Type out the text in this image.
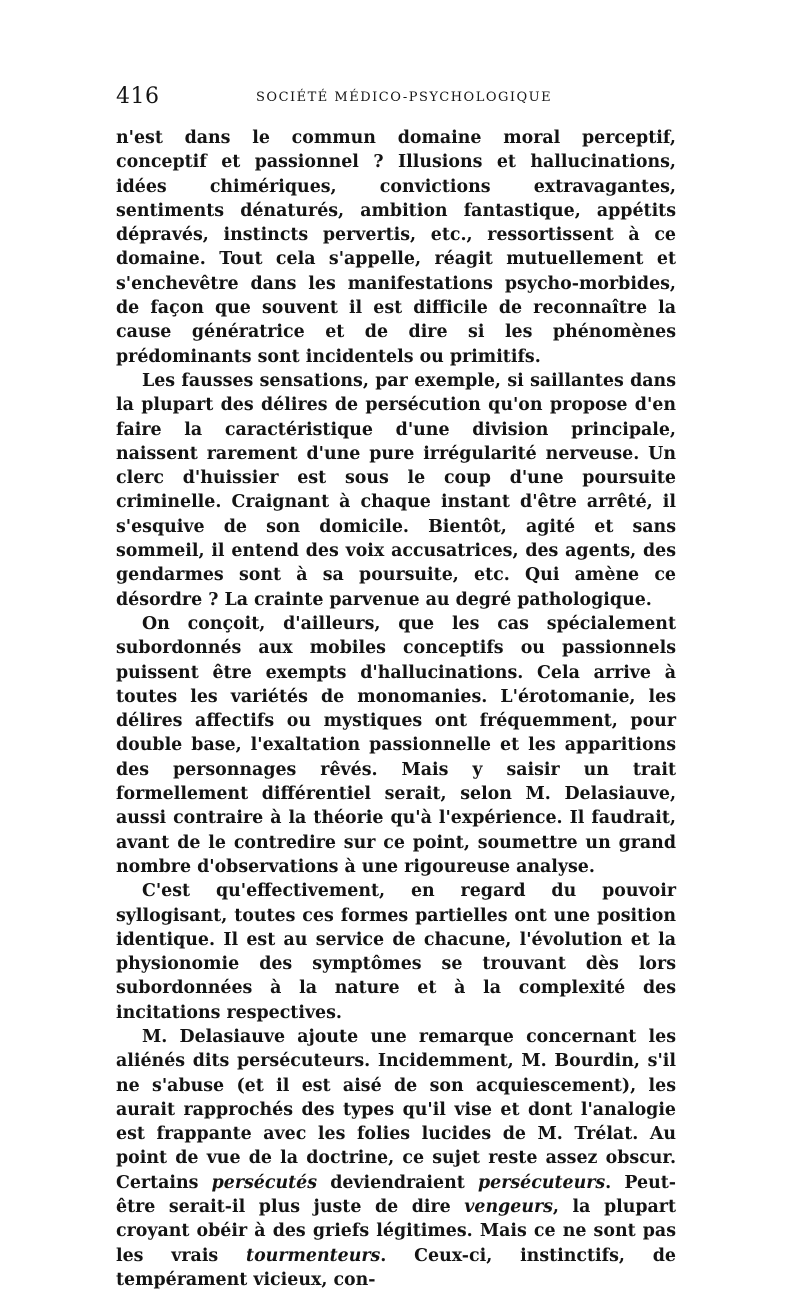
416	SOCIÉTÉ MÉDICO-PSYCHOLOGIQUE

n'est dans le commun domaine moral perceptif, conceptif et passionnel ? Illusions et hallucinations, idées chimériques, convictions extravagantes, sentiments dénaturés, ambition fantastique, appétits dépravés, instincts pervertis, etc., ressortissent à ce domaine. Tout cela s'appelle, réagit mutuellement et s'enchevêtre dans les manifestations psycho-morbides, de façon que souvent il est difficile de reconnaître la cause génératrice et de dire si les phénomènes prédominants sont incidentels ou primitifs.

Les fausses sensations, par exemple, si saillantes dans la plupart des délires de persécution qu'on propose d'en faire la caractéristique d'une division principale, naissent rarement d'une pure irrégularité nerveuse. Un clerc d'huissier est sous le coup d'une poursuite criminelle. Craignant à chaque instant d'être arrêté, il s'esquive de son domicile. Bientôt, agité et sans sommeil, il entend des voix accusatrices, des agents, des gendarmes sont à sa poursuite, etc. Qui amène ce désordre ? La crainte parvenue au degré pathologique.

On conçoit, d'ailleurs, que les cas spécialement subordonnés aux mobiles conceptifs ou passionnels puissent être exempts d'hallucinations. Cela arrive à toutes les variétés de monomanies. L'érotomanie, les délires affectifs ou mystiques ont fréquemment, pour double base, l'exaltation passionnelle et les apparitions des personnages rêvés. Mais y saisir un trait formellement différentiel serait, selon M. Delasiauve, aussi contraire à la théorie qu'à l'expérience. Il faudrait, avant de le contredire sur ce point, soumettre un grand nombre d'observations à une rigoureuse analyse.

C'est qu'effectivement, en regard du pouvoir syllogisant, toutes ces formes partielles ont une position identique. Il est au service de chacune, l'évolution et la physionomie des symptômes se trouvant dès lors subordonnées à la nature et à la complexité des incitations respectives.

M. Delasiauve ajoute une remarque concernant les aliénés dits persécuteurs. Incidemment, M. Bourdin, s'il ne s'abuse (et il est aisé de son acquiescement), les aurait rapprochés des types qu'il vise et dont l'analogie est frappante avec les folies lucides de M. Trélat. Au point de vue de la doctrine, ce sujet reste assez obscur. Certains persécutés deviendraient persécuteurs. Peut-être serait-il plus juste de dire vengeurs, la plupart croyant obéir à des griefs légitimes. Mais ce ne sont pas les vrais tourmenteurs. Ceux-ci, instinctifs, de tempérament vicieux, con-
